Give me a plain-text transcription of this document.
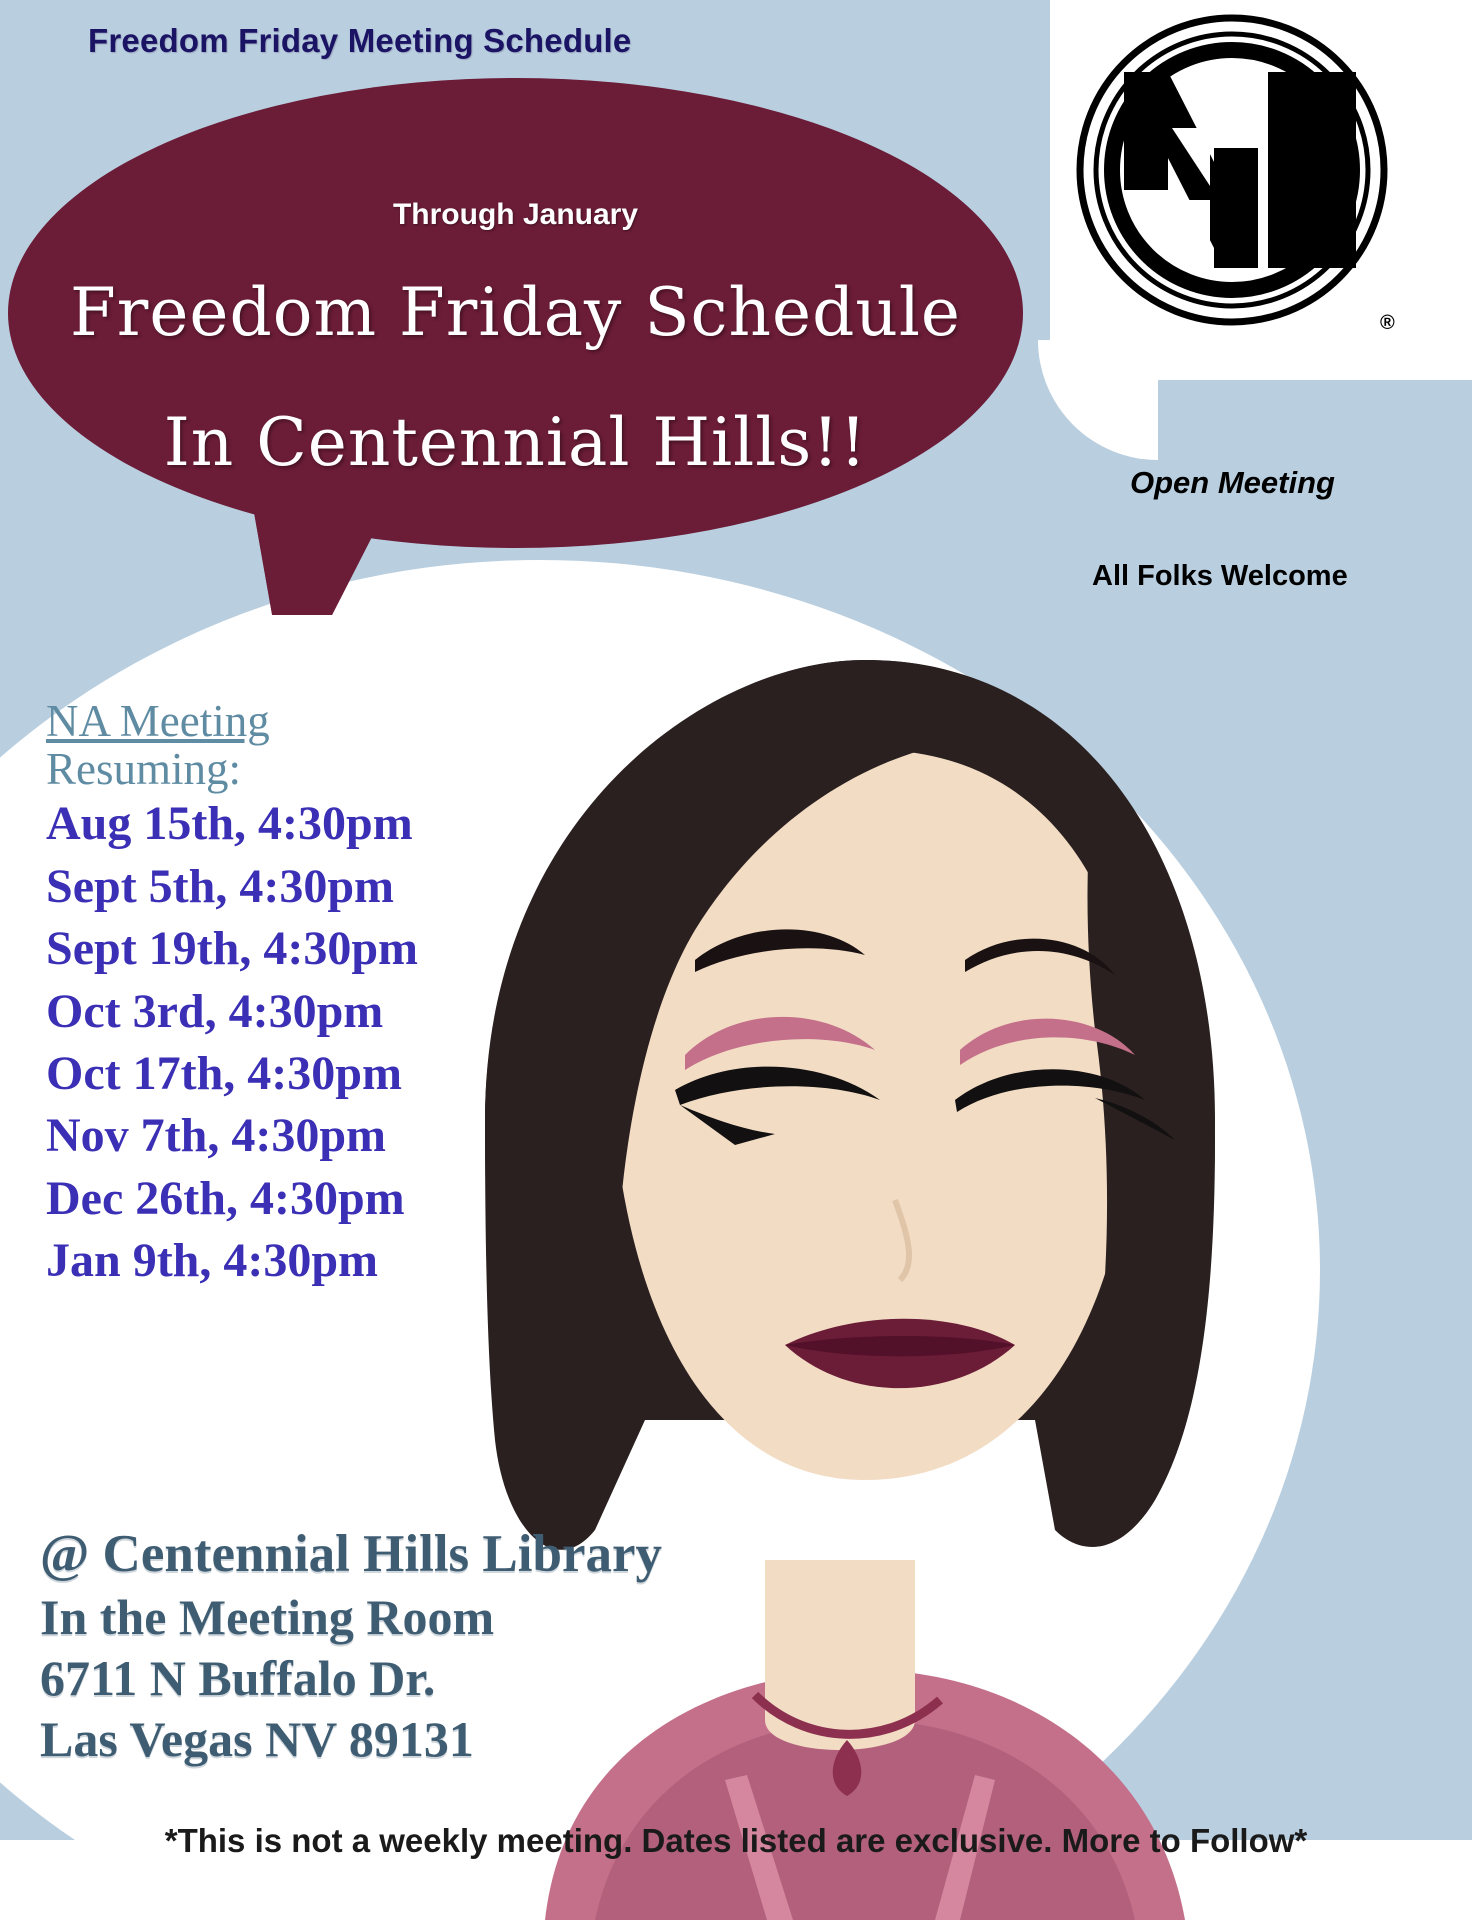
Freedom Friday Meeting Schedule
®
Through January
Freedom Friday Schedule
In Centennial Hills!!
Open Meeting
All Folks Welcome
NA Meeting
Resuming:
Aug 15th, 4:30pm
Sept 5th, 4:30pm
Sept 19th, 4:30pm
Oct 3rd, 4:30pm
Oct 17th, 4:30pm
Nov 7th, 4:30pm
Dec 26th, 4:30pm
Jan 9th, 4:30pm
@ Centennial Hills Library
In the Meeting Room
6711 N Buffalo Dr.
Las Vegas NV 89131
*This is not a weekly meeting. Dates listed are exclusive. More to Follow*
